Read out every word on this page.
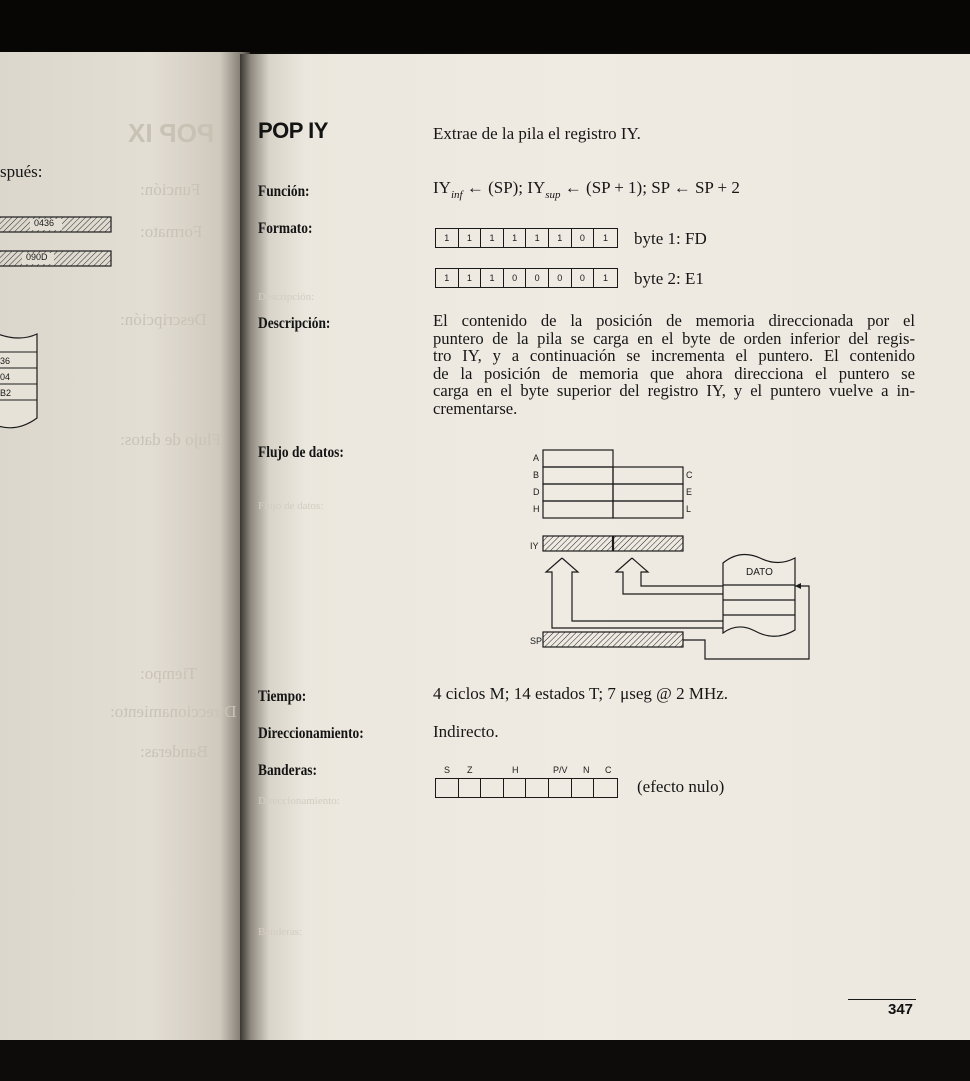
spués:
0436
090D
36
04
B2
POP IX
Función:
Formato:
Descripción:
Flujo de datos:
Tiempo:
Direccionamiento:
Banderas:
Descripción:
Flujo de datos:
Direccionamiento:
Banderas:
POP IY	Extrae de la pila el registro IY.
Función:	$IY_{inf}$ ← (SP); $IY_{sup}$ ← (SP + 1); SP ← SP + 2
Formato:
1	1	1	1	1	1	0	1	byte 1: FD
1	1	1	0	0	0	0	1	byte 2: E1
Descripción:	El contenido de la posición de memoria direccionada por el

puntero de la pila se carga en el byte de orden inferior del regis-

tro IY, y a continuación se incrementa el puntero. El contenido

de la posición de memoria que ahora direcciona el puntero se

carga en el byte superior del registro IY, y el puntero vuelve a in-

crementarse.

Flujo de datos:	A
B
D
H
C
E
L
IY
SP
DATO
Tiempo:	4 ciclos M; 14 estados T; 7 μseg @ 2 MHz.
Direccionamiento:	Indirecto.
Banderas:	S Z	H	P/V N C
(efecto nulo)
347
